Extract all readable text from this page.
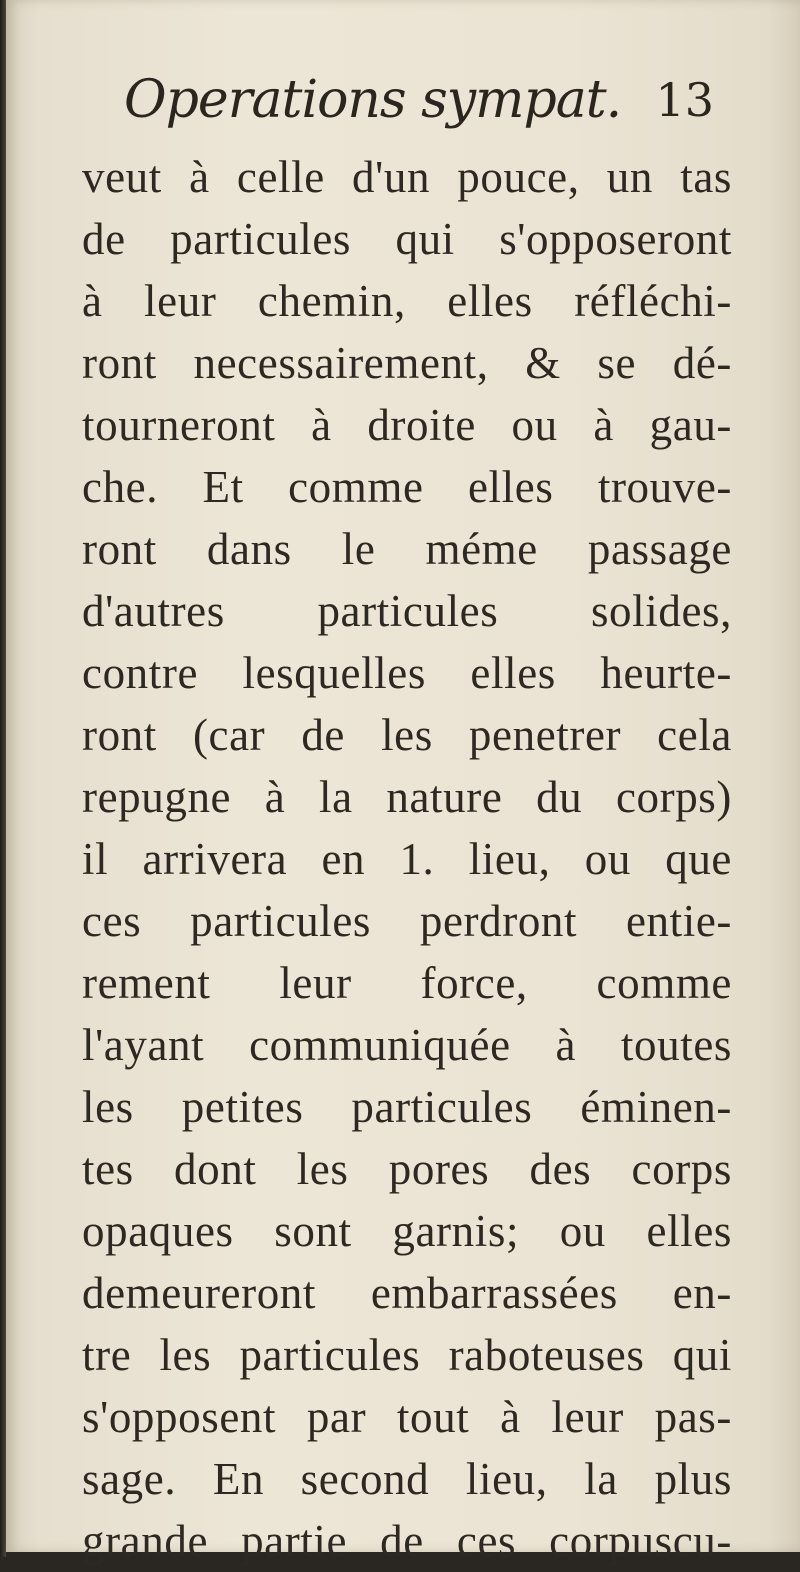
Operations sympat. 13
veut à celle d'un pouce, un tas
de particules qui s'opposeront
à leur chemin, elles réfléchi-
ront necessairement, & se dé-
tourneront à droite ou à gau-
che. Et comme elles trouve-
ront dans le méme passage
d'autres particules solides,
contre lesquelles elles heurte-
ront (car de les penetrer cela
repugne à la nature du corps)
il arrivera en 1. lieu, ou que
ces particules perdront entie-
rement leur force, comme
l'ayant communiquée à toutes
les petites particules éminen-
tes dont les pores des corps
opaques sont garnis; ou elles
demeureront embarrassées en-
tre les particules raboteuses qui
s'opposent par tout à leur pas-
sage. En second lieu, la plus
grande partie de ces corpuscu-
